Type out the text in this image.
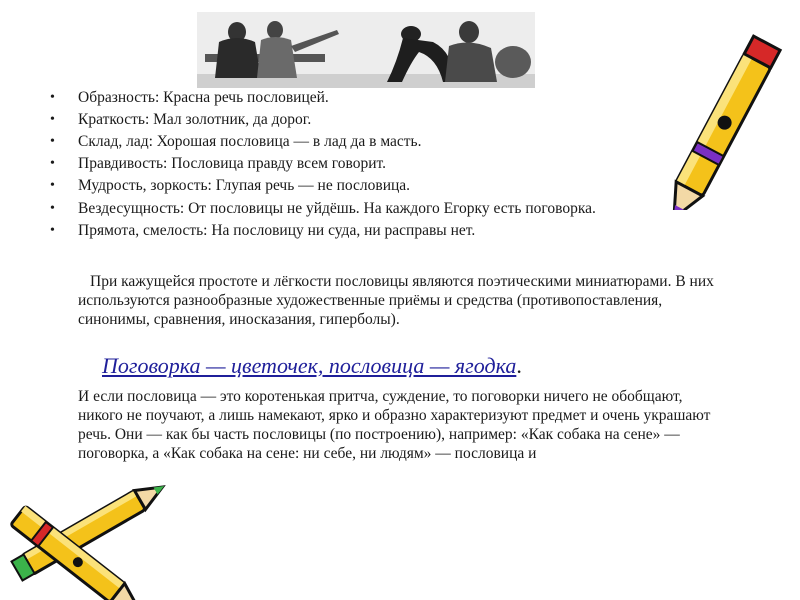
• Образность: Красна речь пословицей.
• Краткость: Мал золотник, да дорог.
• Склад, лад: Хорошая пословица — в лад да в масть.
• Правдивость: Пословица правду всем говорит.
• Мудрость, зоркость: Глупая речь — не пословица.
• Вездесущность: От пословицы не уйдёшь. На каждого Егорку есть поговорка.
• Прямота, смелость: На пословицу ни суда, ни расправы нет.
При кажущейся простоте и лёгкости пословицы являются поэтическими миниатюрами. В них используются разнообразные художественные приёмы и средства (противопоставления, синонимы, сравнения, иносказания, гиперболы).
Поговорка — цветочек, пословица — ягодка.
И если пословица — это коротенькая притча, суждение, то поговорки ничего не обобщают, никого не поучают, а лишь намекают, ярко и образно характеризуют предмет и очень украшают речь. Они — как бы часть пословицы (по построению), например: «Как собака на сене» — поговорка, а «Как собака на сене: ни себе, ни людям» — пословица и
